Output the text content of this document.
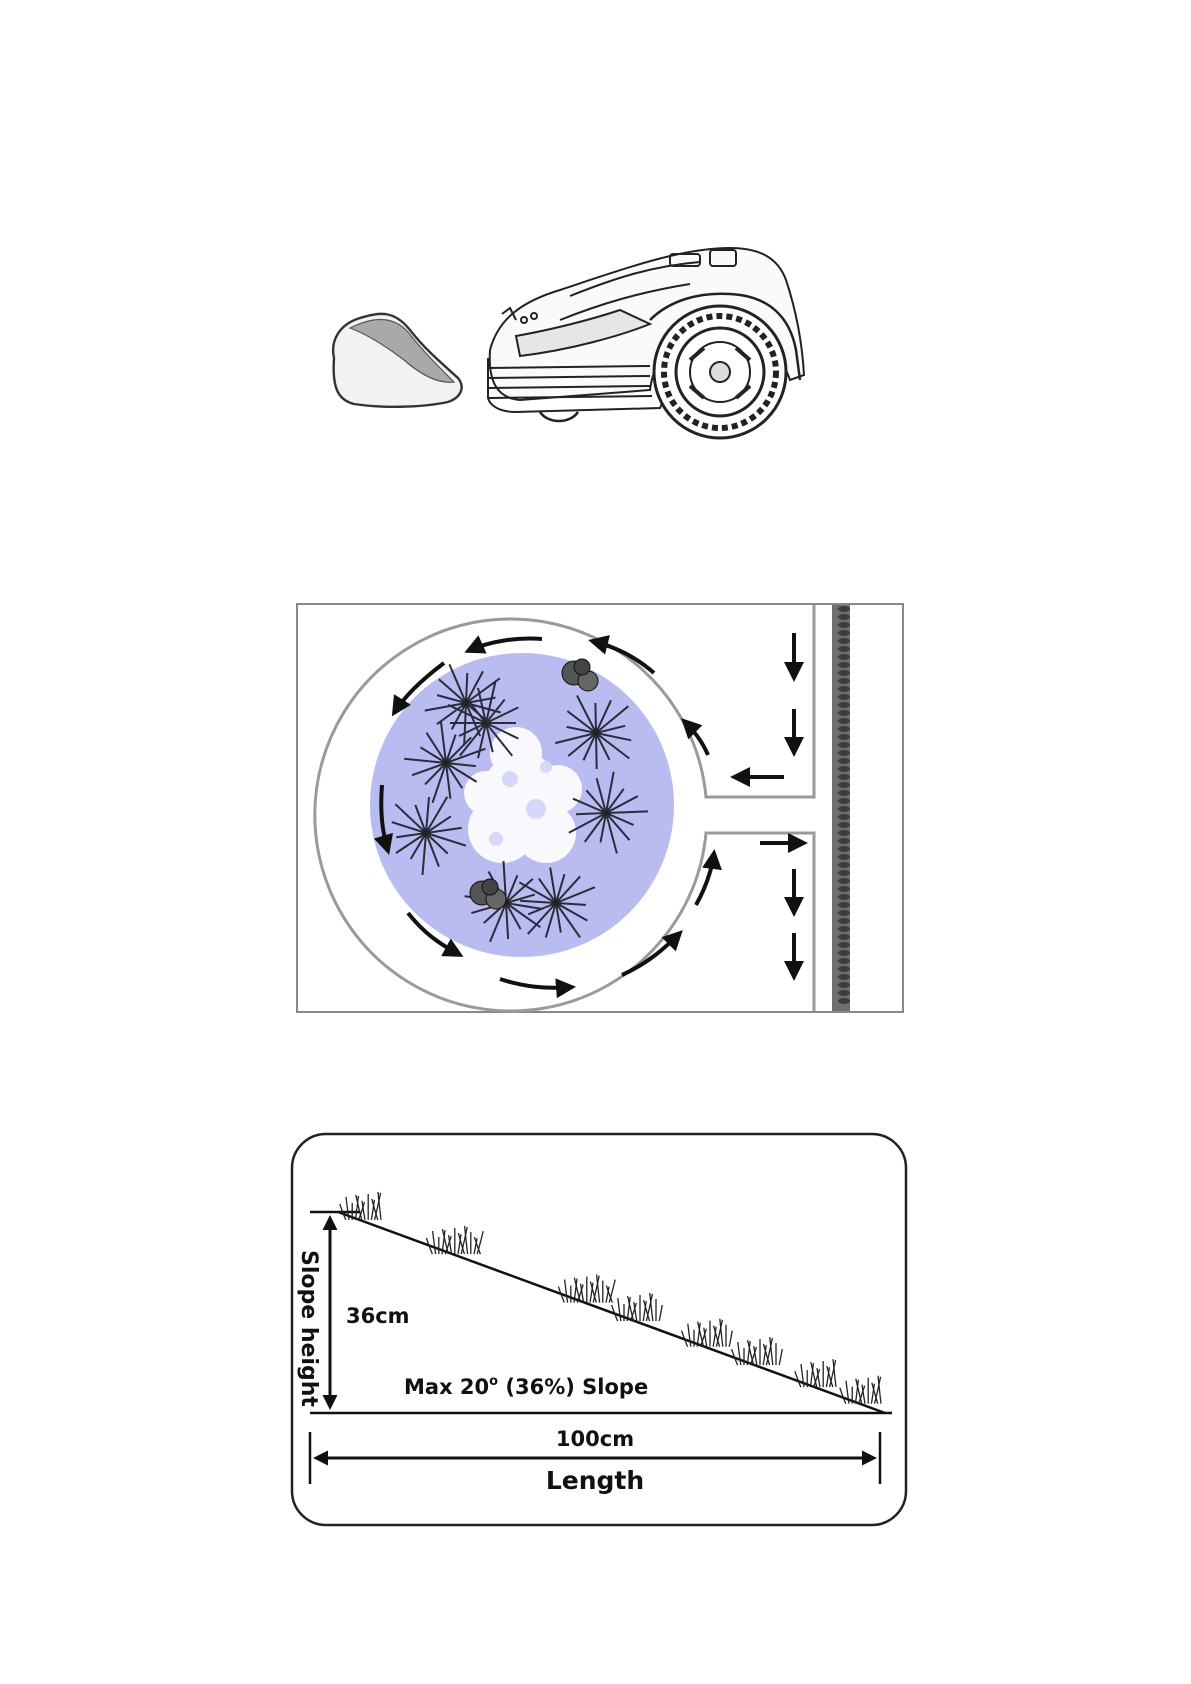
Slope height 36cm
Max 20$^o$ (36%) Slope
100cm
Length
